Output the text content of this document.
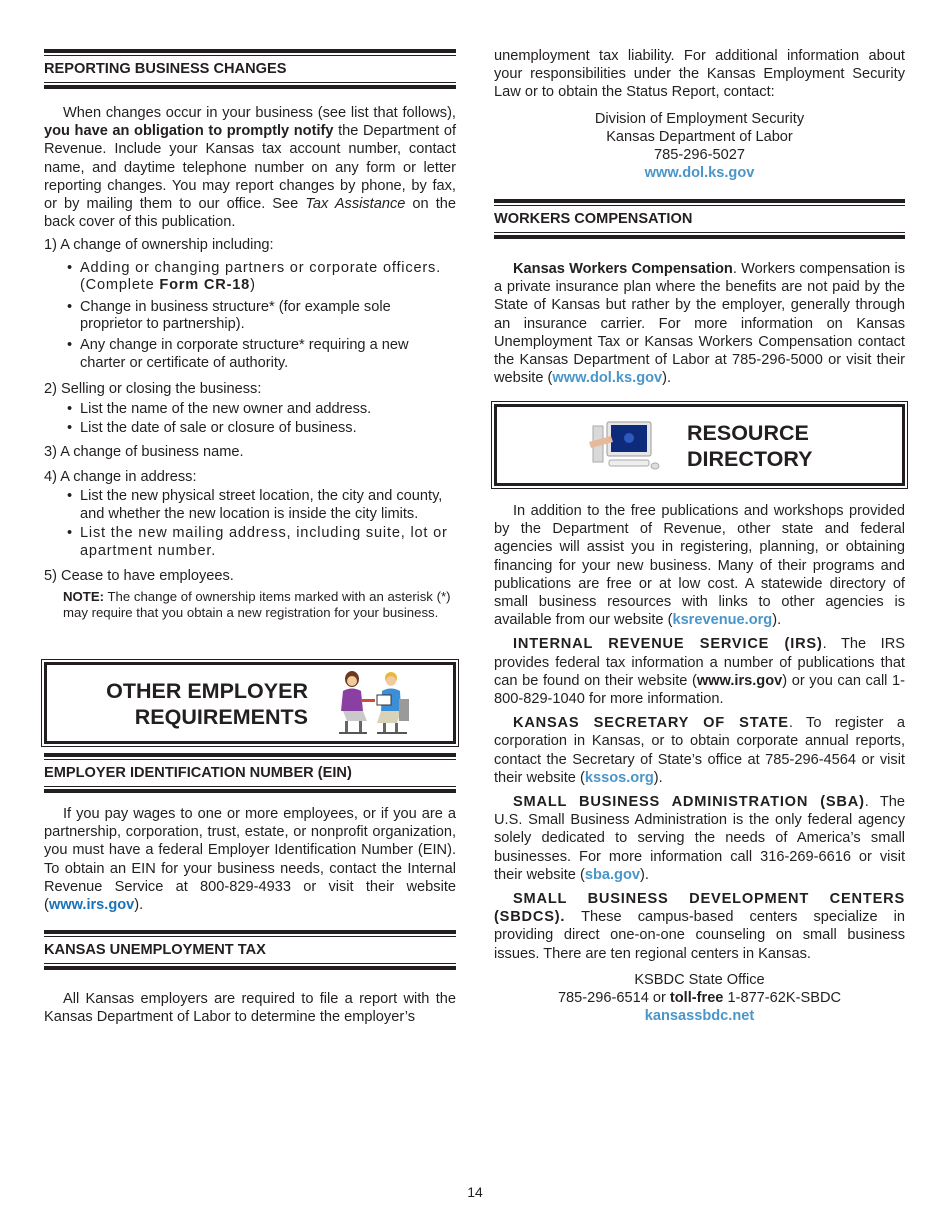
REPORTING BUSINESS CHANGES

When changes occur in your business (see list that follows), you have an obligation to promptly notify the Department of Revenue. Include your Kansas tax account number, contact name, and daytime telephone number on any form or letter reporting changes. You may report changes by phone, by fax, or by mailing them to our office. See Tax Assistance on the back cover of this publication.

1) A change of ownership including:
• Adding or changing partners or corporate officers. (Complete Form CR-18)
• Change in business structure* (for example sole proprietor to partnership).
• Any change in corporate structure* requiring a new charter or certificate of authority.
2) Selling or closing the business:
• List the name of the new owner and address.
• List the date of sale or closure of business.
3) A change of business name.
4) A change in address:
• List the new physical street location, the city and county, and whether the new location is inside the city limits.
• List the new mailing address, including suite, lot or apartment number.
5) Cease to have employees.

NOTE: The change of ownership items marked with an asterisk (*) may require that you obtain a new registration for your business.

OTHER EMPLOYER
REQUIREMENTS
EMPLOYER IDENTIFICATION NUMBER (EIN)

If you pay wages to one or more employees, or if you are a partnership, corporation, trust, estate, or nonprofit organization, you must have a federal Employer Identification Number (EIN). To obtain an EIN for your business needs, contact the Internal Revenue Service at 800-829-4933 or visit their website (www.irs.gov).

KANSAS UNEMPLOYMENT TAX

All Kansas employers are required to file a report with the Kansas Department of Labor to determine the employer’s

unemployment tax liability. For additional information about your responsibilities under the Kansas Employment Security Law or to obtain the Status Report, contact:

Division of Employment Security
Kansas Department of Labor
785-296-5027
www.dol.ks.gov
WORKERS COMPENSATION

Kansas Workers Compensation. Workers compensation is a private insurance plan where the benefits are not paid by the State of Kansas but rather by the employer, generally through an insurance carrier. For more information on Kansas Unemployment Tax or Kansas Workers Compensation contact the Kansas Department of Labor at 785-296-5000 or visit their website (www.dol.ks.gov).

RESOURCE
DIRECTORY

In addition to the free publications and workshops provided by the Department of Revenue, other state and federal agencies will assist you in registering, planning, or obtaining financing for your new business. Many of their programs and publications are free or at low cost. A statewide directory of small business resources with links to other agencies is available from our website (ksrevenue.org).

INTERNAL REVENUE SERVICE (IRS). The IRS provides federal tax information a number of publications that can be found on their website (www.irs.gov) or you can call 1-800-829-1040 for more information.

KANSAS SECRETARY OF STATE. To register a corporation in Kansas, or to obtain corporate annual reports, contact the Secretary of State’s office at 785-296-4564 or visit their website (kssos.org).

SMALL BUSINESS ADMINISTRATION (SBA). The U.S. Small Business Administration is the only federal agency solely dedicated to serving the needs of America’s small businesses. For more information call 316-269-6616 or visit their website (sba.gov).

SMALL BUSINESS DEVELOPMENT CENTERS (SBDCS). These campus-based centers specialize in providing direct one-on-one counseling on small business issues. There are ten regional centers in Kansas.

KSBDC State Office
785-296-6514 or toll-free 1-877-62K-SBDC
kansassbdc.net
14
